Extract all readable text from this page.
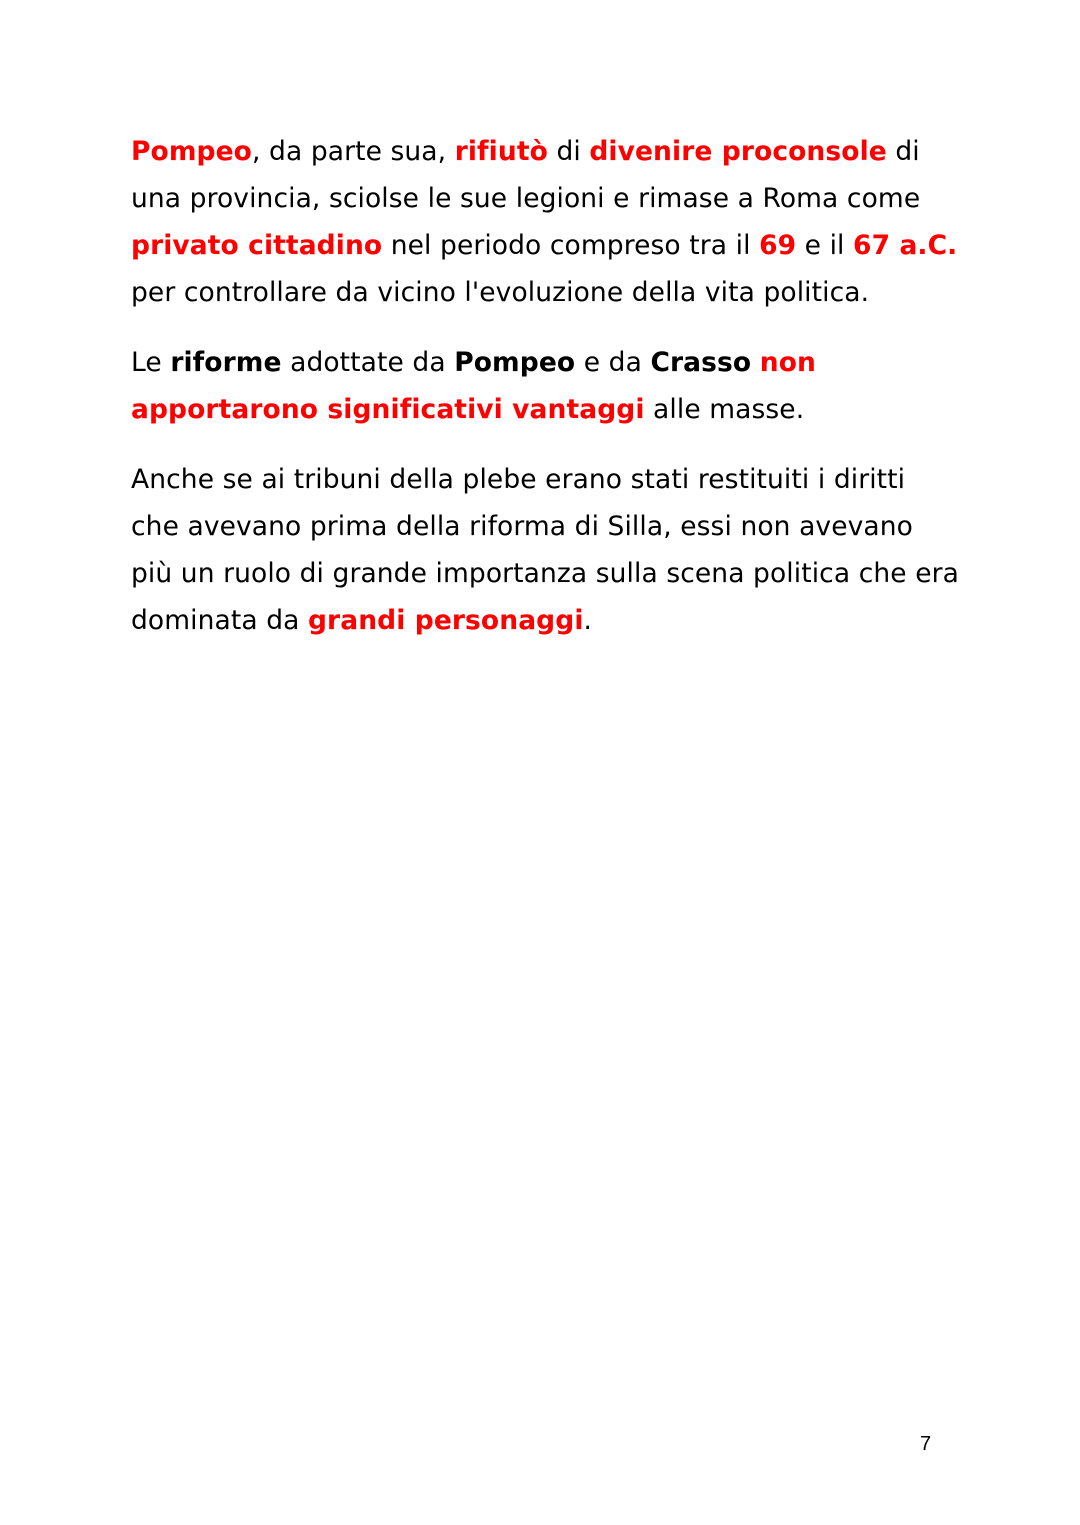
Pompeo, da parte sua, rifiutò di divenire proconsole di una provincia, sciolse le sue legioni e rimase a Roma come privato cittadino nel periodo compreso tra il 69 e il 67 a.C. per controllare da vicino l'evoluzione della vita politica.

Le riforme adottate da Pompeo e da Crasso non apportarono significativi vantaggi alle masse.

Anche se ai tribuni della plebe erano stati restituiti i diritti che avevano prima della riforma di Silla, essi non avevano più un ruolo di grande importanza sulla scena politica che era dominata da grandi personaggi.

7
